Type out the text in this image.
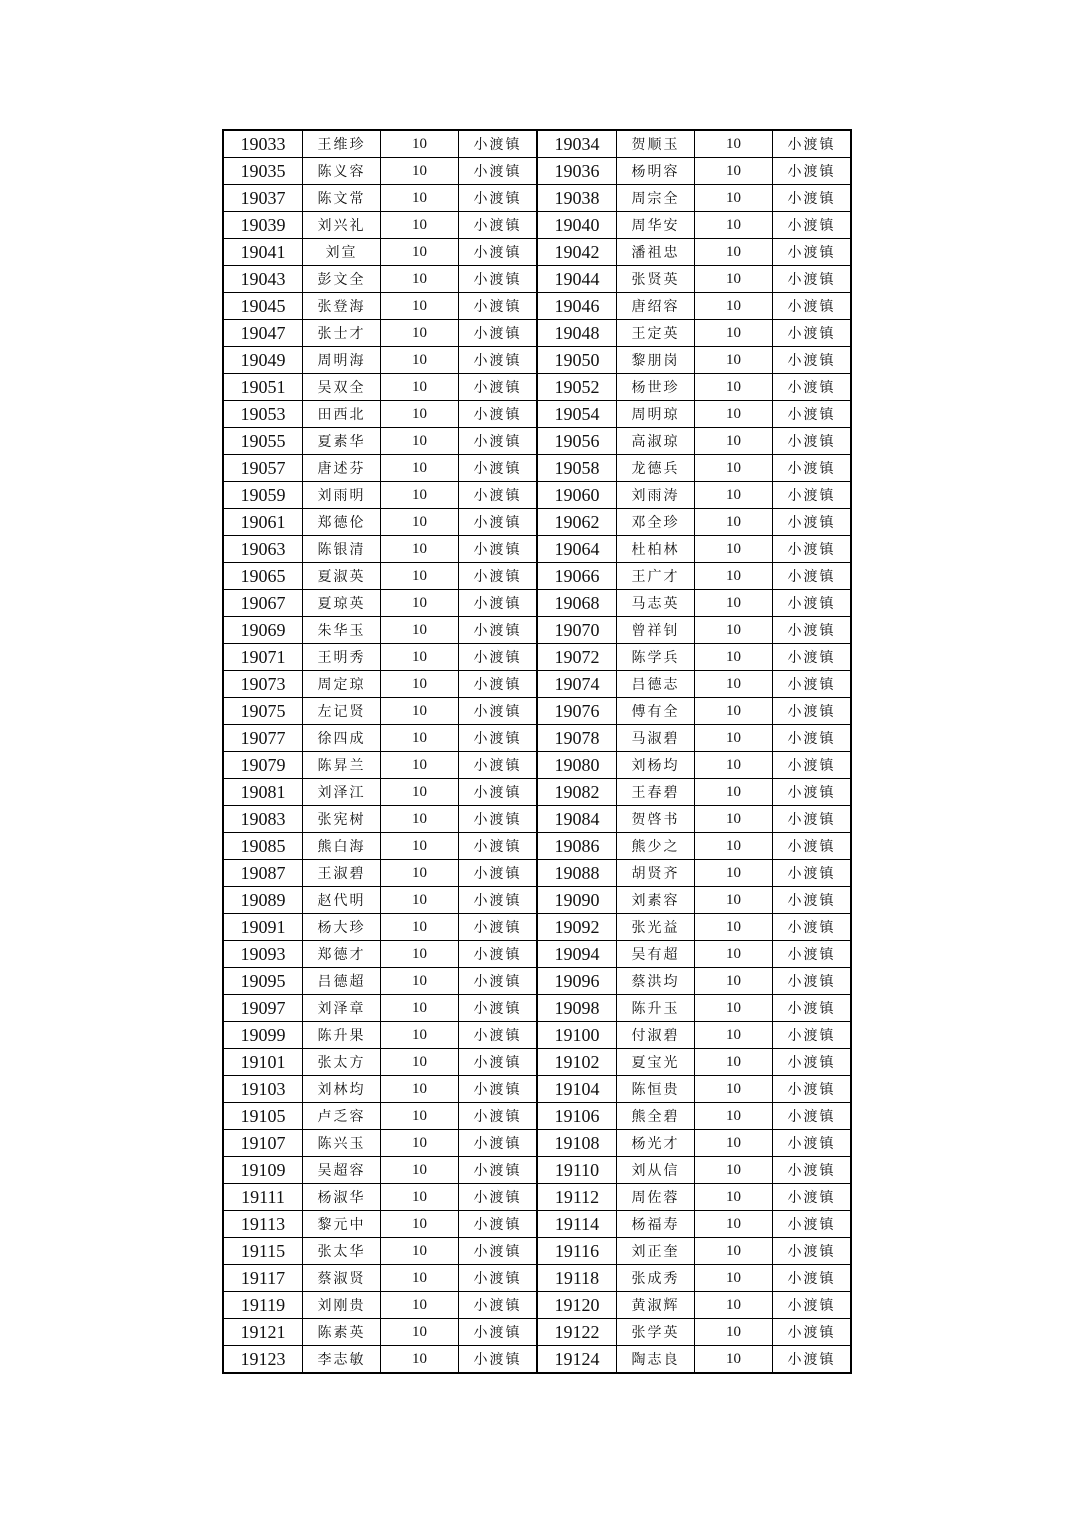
19033	王维珍	10	小渡镇	19034	贺顺玉	10	小渡镇
19035	陈义容	10	小渡镇	19036	杨明容	10	小渡镇
19037	陈文常	10	小渡镇	19038	周宗全	10	小渡镇
19039	刘兴礼	10	小渡镇	19040	周华安	10	小渡镇
19041	刘宣	10	小渡镇	19042	潘祖忠	10	小渡镇
19043	彭文全	10	小渡镇	19044	张贤英	10	小渡镇
19045	张登海	10	小渡镇	19046	唐绍容	10	小渡镇
19047	张士才	10	小渡镇	19048	王定英	10	小渡镇
19049	周明海	10	小渡镇	19050	黎朋岗	10	小渡镇
19051	吴双全	10	小渡镇	19052	杨世珍	10	小渡镇
19053	田西北	10	小渡镇	19054	周明琼	10	小渡镇
19055	夏素华	10	小渡镇	19056	高淑琼	10	小渡镇
19057	唐述芬	10	小渡镇	19058	龙德兵	10	小渡镇
19059	刘雨明	10	小渡镇	19060	刘雨涛	10	小渡镇
19061	郑德伦	10	小渡镇	19062	邓全珍	10	小渡镇
19063	陈银清	10	小渡镇	19064	杜柏林	10	小渡镇
19065	夏淑英	10	小渡镇	19066	王广才	10	小渡镇
19067	夏琼英	10	小渡镇	19068	马志英	10	小渡镇
19069	朱华玉	10	小渡镇	19070	曾祥钊	10	小渡镇
19071	王明秀	10	小渡镇	19072	陈学兵	10	小渡镇
19073	周定琼	10	小渡镇	19074	吕德志	10	小渡镇
19075	左记贤	10	小渡镇	19076	傅有全	10	小渡镇
19077	徐四成	10	小渡镇	19078	马淑碧	10	小渡镇
19079	陈昇兰	10	小渡镇	19080	刘杨均	10	小渡镇
19081	刘泽江	10	小渡镇	19082	王春碧	10	小渡镇
19083	张宪树	10	小渡镇	19084	贺啓书	10	小渡镇
19085	熊白海	10	小渡镇	19086	熊少之	10	小渡镇
19087	王淑碧	10	小渡镇	19088	胡贤齐	10	小渡镇
19089	赵代明	10	小渡镇	19090	刘素容	10	小渡镇
19091	杨大珍	10	小渡镇	19092	张光益	10	小渡镇
19093	郑德才	10	小渡镇	19094	吴有超	10	小渡镇
19095	吕德超	10	小渡镇	19096	蔡洪均	10	小渡镇
19097	刘泽章	10	小渡镇	19098	陈升玉	10	小渡镇
19099	陈升果	10	小渡镇	19100	付淑碧	10	小渡镇
19101	张太方	10	小渡镇	19102	夏宝光	10	小渡镇
19103	刘林均	10	小渡镇	19104	陈恒贵	10	小渡镇
19105	卢乏容	10	小渡镇	19106	熊全碧	10	小渡镇
19107	陈兴玉	10	小渡镇	19108	杨光才	10	小渡镇
19109	吴超容	10	小渡镇	19110	刘从信	10	小渡镇
19111	杨淑华	10	小渡镇	19112	周佐蓉	10	小渡镇
19113	黎元中	10	小渡镇	19114	杨福寿	10	小渡镇
19115	张太华	10	小渡镇	19116	刘正奎	10	小渡镇
19117	蔡淑贤	10	小渡镇	19118	张成秀	10	小渡镇
19119	刘刚贵	10	小渡镇	19120	黄淑辉	10	小渡镇
19121	陈素英	10	小渡镇	19122	张学英	10	小渡镇
19123	李志敏	10	小渡镇	19124	陶志良	10	小渡镇
